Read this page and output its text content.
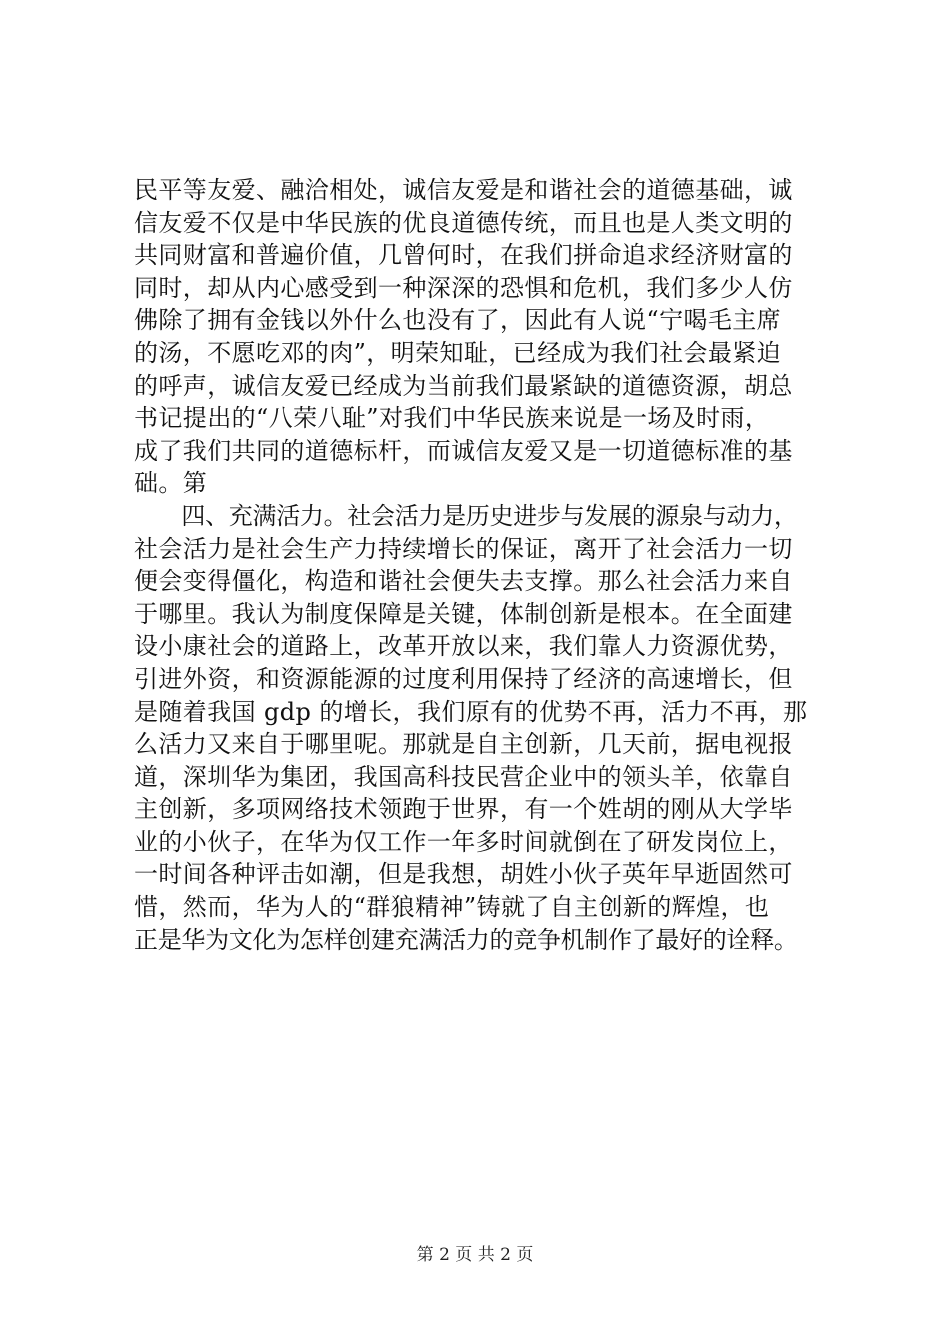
民平等友爱、融洽相处，诚信友爱是和谐社会的道德基础，诚
信友爱不仅是中华民族的优良道德传统，而且也是人类文明的
共同财富和普遍价值，几曾何时，在我们拼命追求经济财富的
同时，却从内心感受到一种深深的恐惧和危机，我们多少人仿
佛除了拥有金钱以外什么也没有了，因此有人说“宁喝毛主席
的汤，不愿吃邓的肉”，明荣知耻，已经成为我们社会最紧迫
的呼声，诚信友爱已经成为当前我们最紧缺的道德资源，胡总
书记提出的“八荣八耻”对我们中华民族来说是一场及时雨，
成了我们共同的道德标杆，而诚信友爱又是一切道德标准的基
础。第
　　四、充满活力。社会活力是历史进步与发展的源泉与动力，
社会活力是社会生产力持续增长的保证，离开了社会活力一切
便会变得僵化，构造和谐社会便失去支撑。那么社会活力来自
于哪里。我认为制度保障是关键，体制创新是根本。在全面建
设小康社会的道路上，改革开放以来，我们靠人力资源优势，
引进外资，和资源能源的过度利用保持了经济的高速增长，但
是随着我国 gdp 的增长，我们原有的优势不再，活力不再，那
么活力又来自于哪里呢。那就是自主创新，几天前，据电视报
道，深圳华为集团，我国高科技民营企业中的领头羊，依靠自
主创新，多项网络技术领跑于世界，有一个姓胡的刚从大学毕
业的小伙子，在华为仅工作一年多时间就倒在了研发岗位上，
一时间各种评击如潮，但是我想，胡姓小伙子英年早逝固然可
惜，然而，华为人的“群狼精神”铸就了自主创新的辉煌，也
正是华为文化为怎样创建充满活力的竞争机制作了最好的诠释。
第 2 页 共 2 页
